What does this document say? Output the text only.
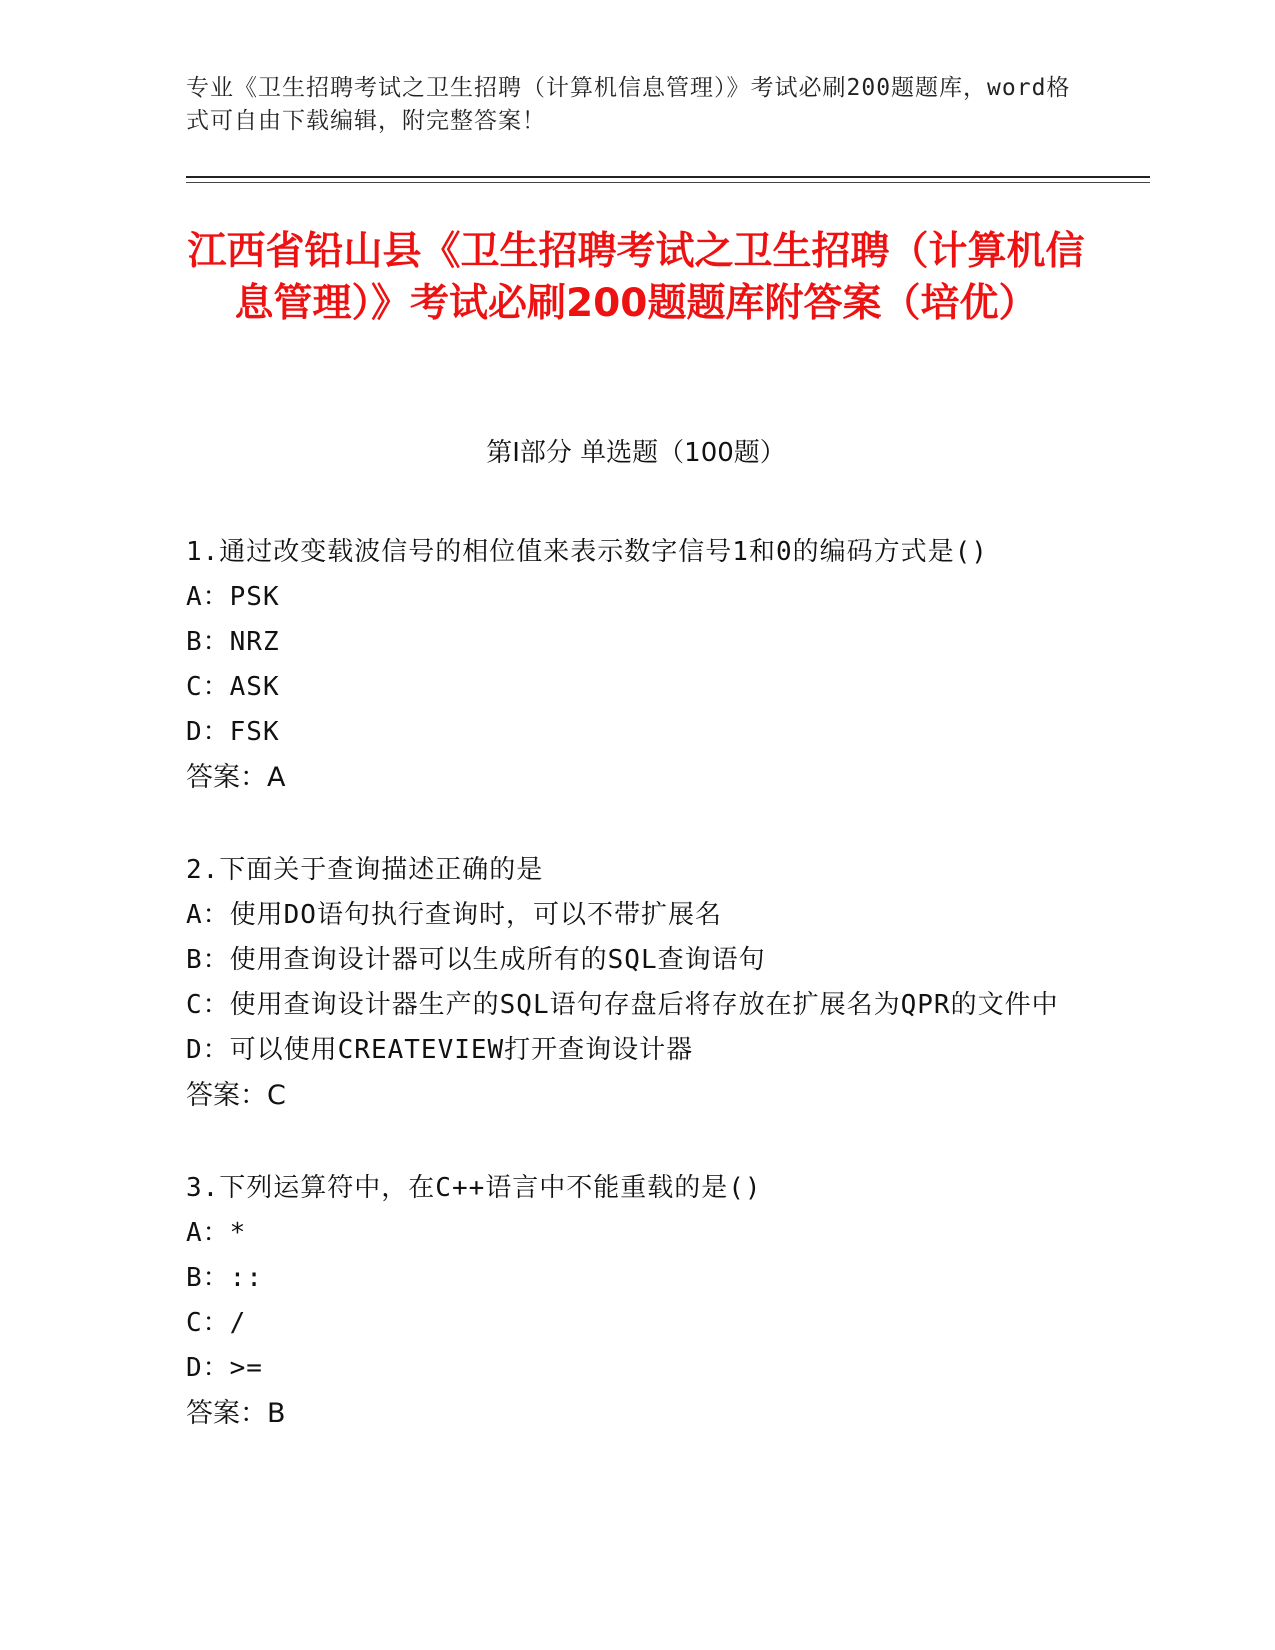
专业《卫生招聘考试之卫生招聘（计算机信息管理）》考试必刷200题题库，word格式可自由下载编辑，附完整答案！
江西省铅山县《卫生招聘考试之卫生招聘（计算机信息管理）》考试必刷200题题库附答案（培优）
第Ⅰ部分 单选题（100题）
1.通过改变载波信号的相位值来表示数字信号1和0的编码方式是()
A：PSK
B：NRZ
C：ASK
D：FSK
答案：A
2.下面关于查询描述正确的是
A：使用DO语句执行查询时，可以不带扩展名
B：使用查询设计器可以生成所有的SQL查询语句
C：使用查询设计器生产的SQL语句存盘后将存放在扩展名为QPR的文件中
D：可以使用CREATEVIEW打开查询设计器
答案：C
3.下列运算符中，在C++语言中不能重载的是()
A：*
B：::
C：/
D：>=
答案：B
